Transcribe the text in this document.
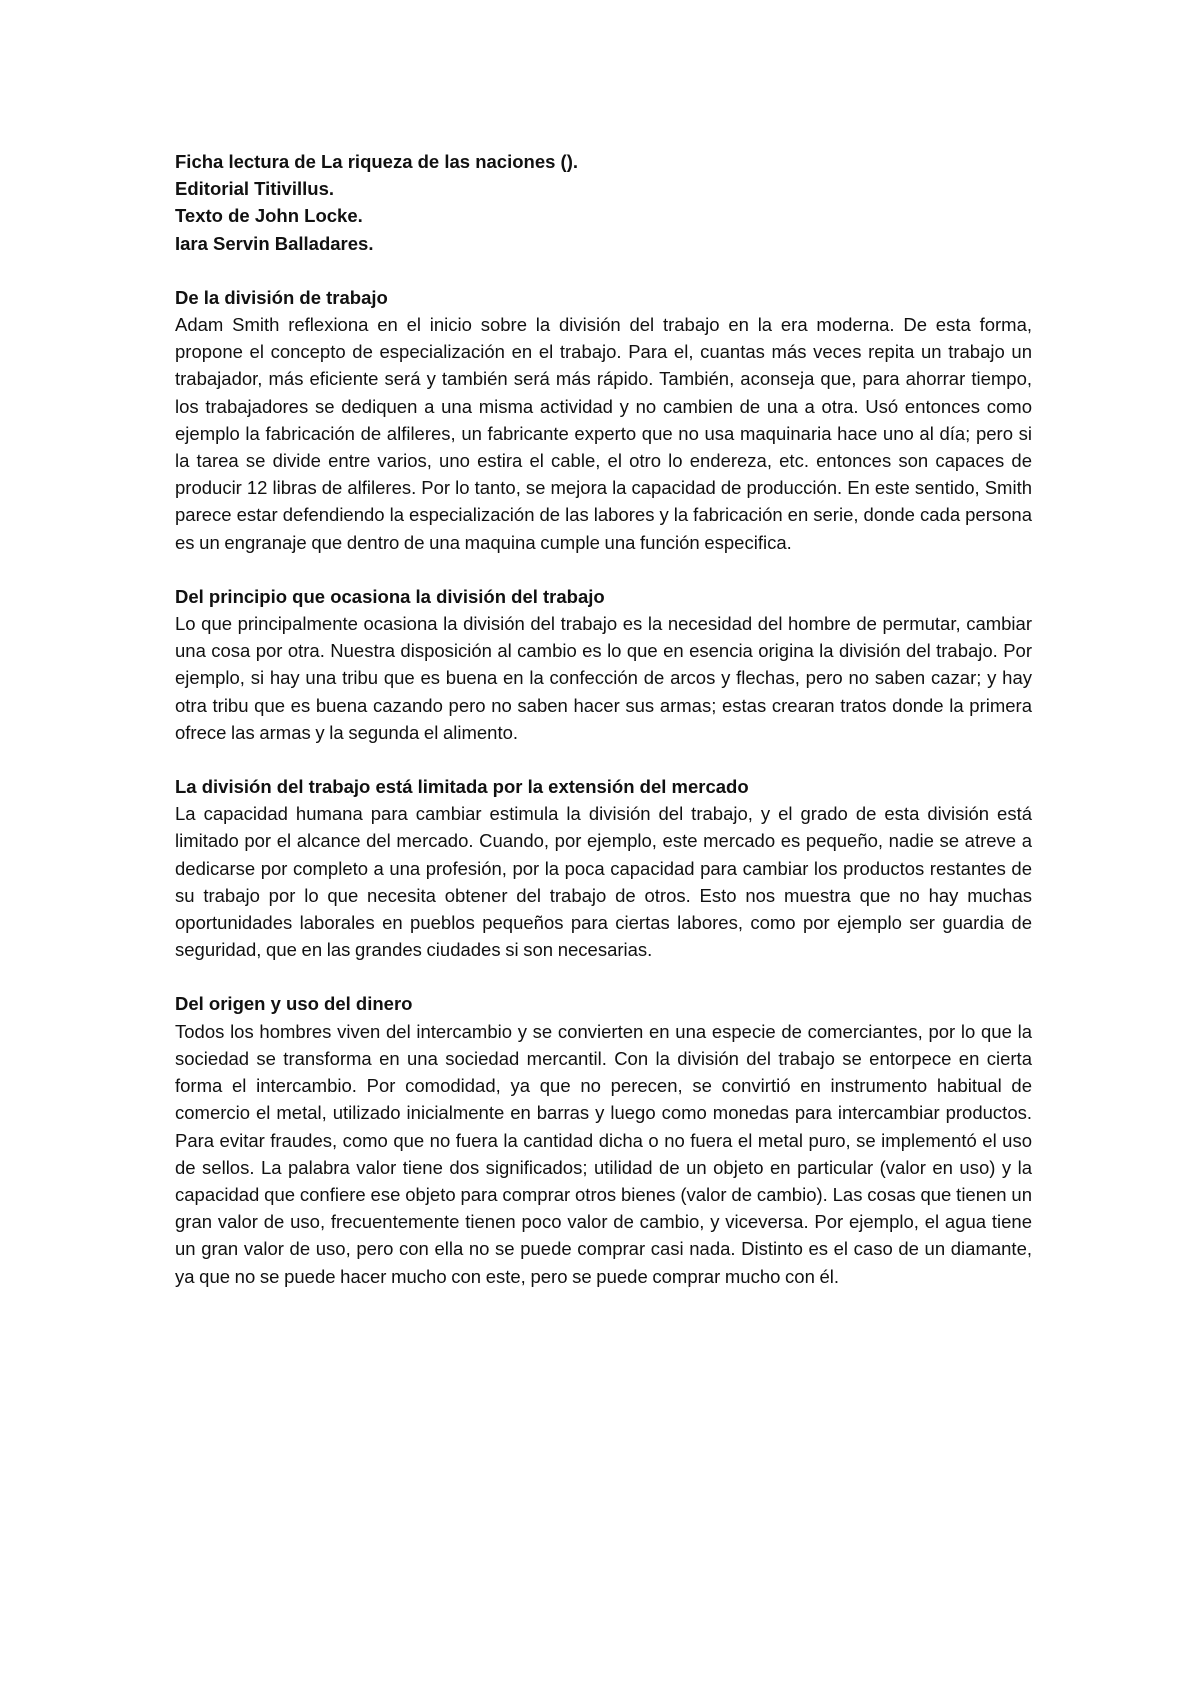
Ficha lectura de La riqueza de las naciones ().
Editorial Titivillus.
Texto de John Locke.
Iara Servin Balladares.

De la división de trabajo

Adam Smith reflexiona en el inicio sobre la división del trabajo en la era moderna. De esta forma, propone el concepto de especialización en el trabajo. Para el, cuantas más veces repita un trabajo un trabajador, más eficiente será y también será más rápido. También, aconseja que, para ahorrar tiempo, los trabajadores se dediquen a una misma actividad y no cambien de una a otra. Usó entonces como ejemplo la fabricación de alfileres, un fabricante experto que no usa maquinaria hace uno al día; pero si la tarea se divide entre varios, uno estira el cable, el otro lo endereza, etc. entonces son capaces de producir 12 libras de alfileres. Por lo tanto, se mejora la capacidad de producción. En este sentido, Smith parece estar defendiendo la especialización de las labores y la fabricación en serie, donde cada persona es un engranaje que dentro de una maquina cumple una función especifica.

Del principio que ocasiona la división del trabajo

Lo que principalmente ocasiona la división del trabajo es la necesidad del hombre de permutar, cambiar una cosa por otra. Nuestra disposición al cambio es lo que en esencia origina la división del trabajo. Por ejemplo, si hay una tribu que es buena en la confección de arcos y flechas, pero no saben cazar; y hay otra tribu que es buena cazando pero no saben hacer sus armas; estas crearan tratos donde la primera ofrece las armas y la segunda el alimento.

La división del trabajo está limitada por la extensión del mercado

La capacidad humana para cambiar estimula la división del trabajo, y el grado de esta división está limitado por el alcance del mercado. Cuando, por ejemplo, este mercado es pequeño, nadie se atreve a dedicarse por completo a una profesión, por la poca capacidad para cambiar los productos restantes de su trabajo por lo que necesita obtener del trabajo de otros. Esto nos muestra que no hay muchas oportunidades laborales en pueblos pequeños para ciertas labores, como por ejemplo ser guardia de seguridad, que en las grandes ciudades si son necesarias.

Del origen y uso del dinero

Todos los hombres viven del intercambio y se convierten en una especie de comerciantes, por lo que la sociedad se transforma en una sociedad mercantil. Con la división del trabajo se entorpece en cierta forma el intercambio. Por comodidad, ya que no perecen, se convirtió en instrumento habitual de comercio el metal, utilizado inicialmente en barras y luego como monedas para intercambiar productos. Para evitar fraudes, como que no fuera la cantidad dicha o no fuera el metal puro, se implementó el uso de sellos. La palabra valor tiene dos significados; utilidad de un objeto en particular (valor en uso) y la capacidad que confiere ese objeto para comprar otros bienes (valor de cambio). Las cosas que tienen un gran valor de uso, frecuentemente tienen poco valor de cambio, y viceversa. Por ejemplo, el agua tiene un gran valor de uso, pero con ella no se puede comprar casi nada. Distinto es el caso de un diamante, ya que no se puede hacer mucho con este, pero se puede comprar mucho con él.
